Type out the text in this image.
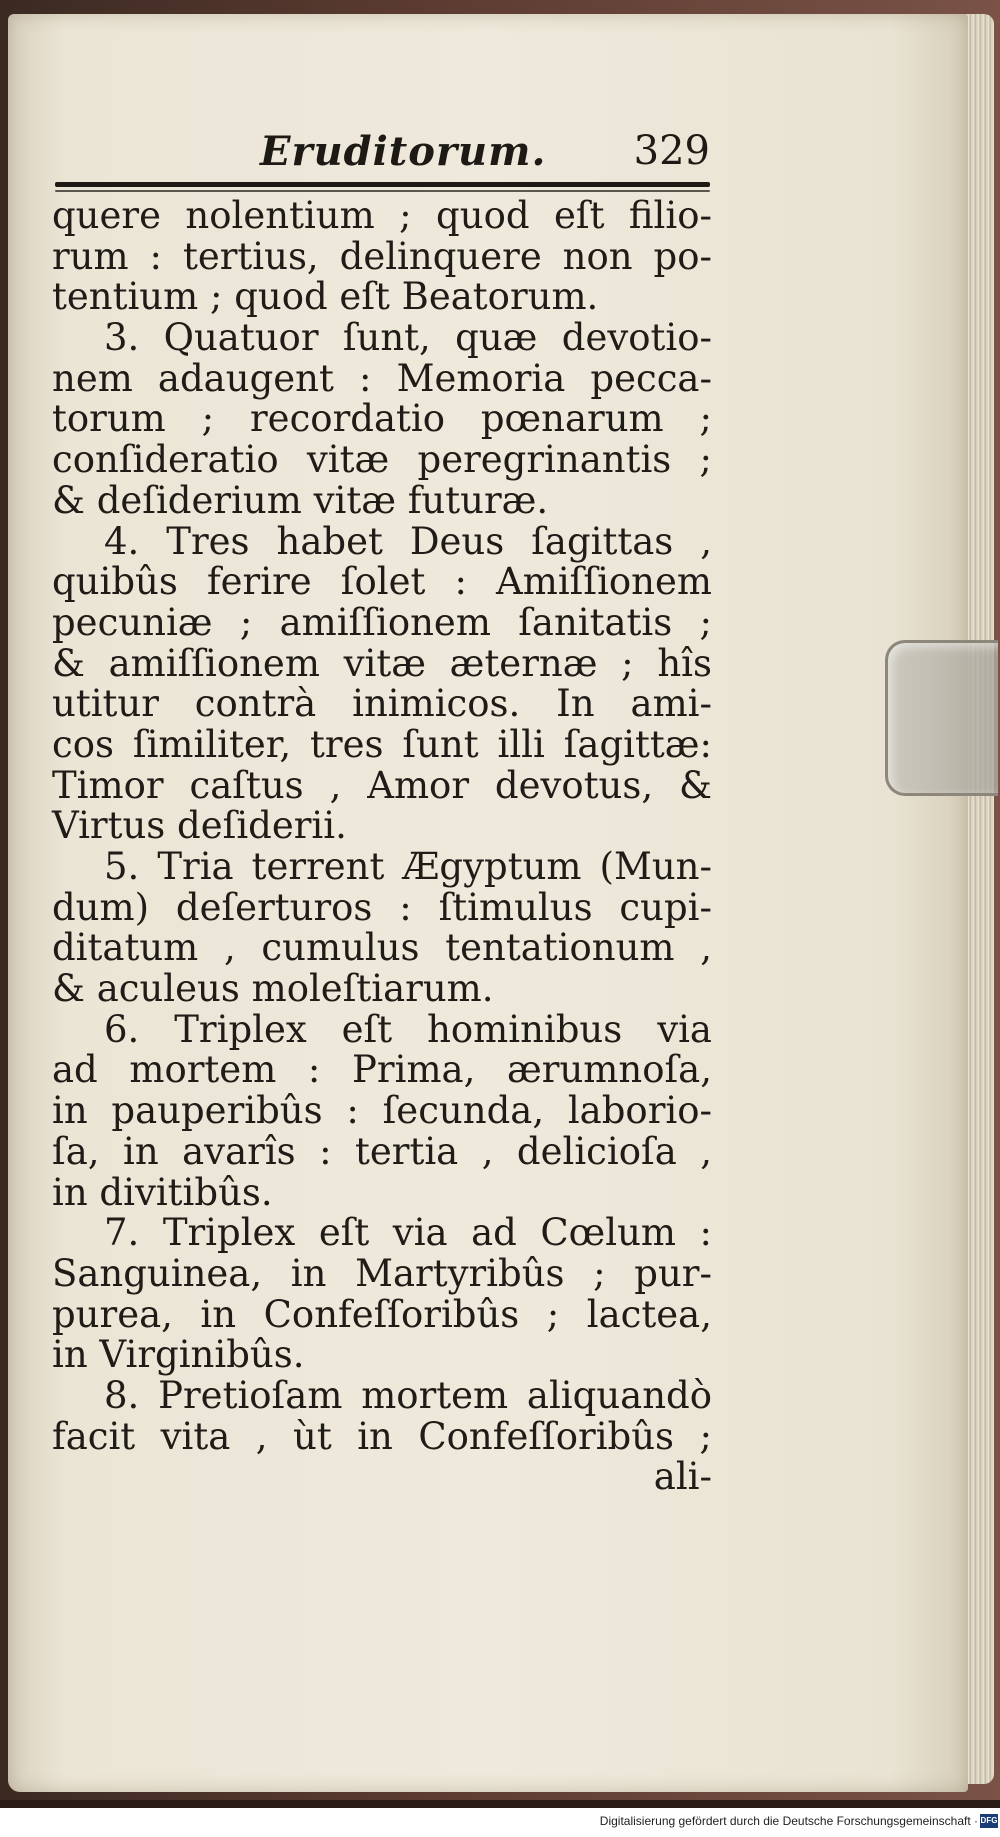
Eruditorum. 329
quere nolentium ; quod eſt filio-
rum : tertius, delinquere non po-
tentium ; quod eſt Beatorum.
3. Quatuor ſunt, quæ devotio-
nem adaugent : Memoria pecca-
torum ; recordatio pœnarum ;
conſideratio vitæ peregrinantis ;
& deſiderium vitæ futuræ.
4. Tres habet Deus ſagittas ,
quibûs ferire ſolet : Amiſſionem
pecuniæ ; amiſſionem ſanitatis ;
& amiſſionem vitæ æternæ ; hîs
utitur contrà inimicos. In ami-
cos ſimiliter, tres ſunt illi ſagittæ:
Timor caſtus , Amor devotus, &
Virtus deſiderii.
5. Tria terrent Ægyptum (Mun-
dum) deſerturos : ſtimulus cupi-
ditatum , cumulus tentationum ,
& aculeus moleſtiarum.
6. Triplex eſt hominibus via
ad mortem : Prima, ærumnoſa,
in pauperibûs : ſecunda, laborio-
ſa, in avarîs : tertia , delicioſa ,
in divitibûs.
7. Triplex eſt via ad Cœlum :
Sanguinea, in Martyribûs ; pur-
purea, in Confeſſoribûs ; lactea,
in Virginibûs.
8. Pretioſam mortem aliquandò
facit vita , ùt in Confeſſoribûs ;
ali-
Digitalisierung gefördert durch die Deutsche Forschungsgemeinschaft · DFG
